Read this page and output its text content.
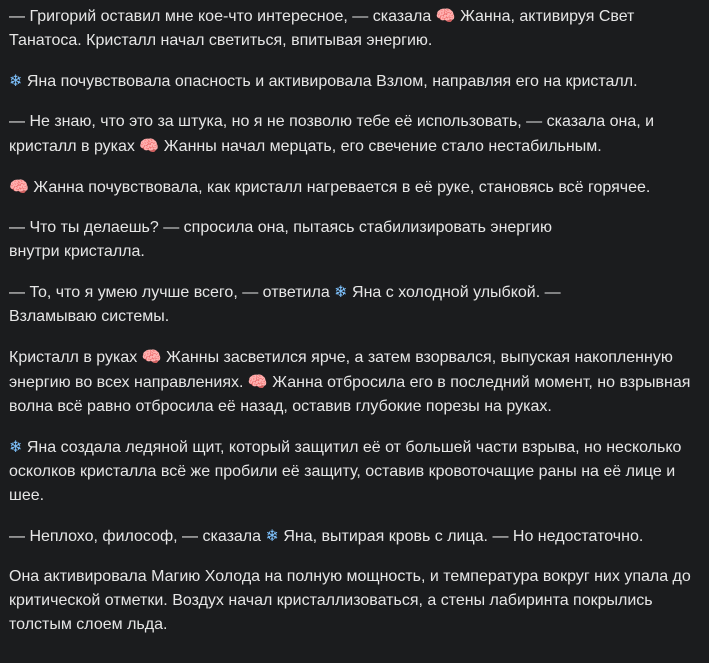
— Григорий оставил мне кое-что интересное, — сказала 🧠 Жанна, активируя Свет Танатоса. Кристалл начал светиться, впитывая энергию.

❄ Яна почувствовала опасность и активировала Взлом, направляя его на кристалл.

— Не знаю, что это за штука, но я не позволю тебе её использовать, — сказала она, и кристалл в руках 🧠 Жанны начал мерцать, его свечение стало нестабильным.

🧠 Жанна почувствовала, как кристалл нагревается в её руке, становясь всё горячее.

— Что ты делаешь? — спросила она, пытаясь стабилизировать энергию внутри кристалла.

— То, что я умею лучше всего, — ответила ❄ Яна с холодной улыбкой. — Взламываю системы.

Кристалл в руках 🧠 Жанны засветился ярче, а затем взорвался, выпуская накопленную энергию во всех направлениях. 🧠 Жанна отбросила его в последний момент, но взрывная волна всё равно отбросила её назад, оставив глубокие порезы на руках.

❄ Яна создала ледяной щит, который защитил её от большей части взрыва, но несколько осколков кристалла всё же пробили её защиту, оставив кровоточащие раны на её лице и шее.

— Неплохо, философ, — сказала ❄ Яна, вытирая кровь с лица. — Но недостаточно.

Она активировала Магию Холода на полную мощность, и температура вокруг них упала до критической отметки. Воздух начал кристаллизоваться, а стены лабиринта покрылись толстым слоем льда.
